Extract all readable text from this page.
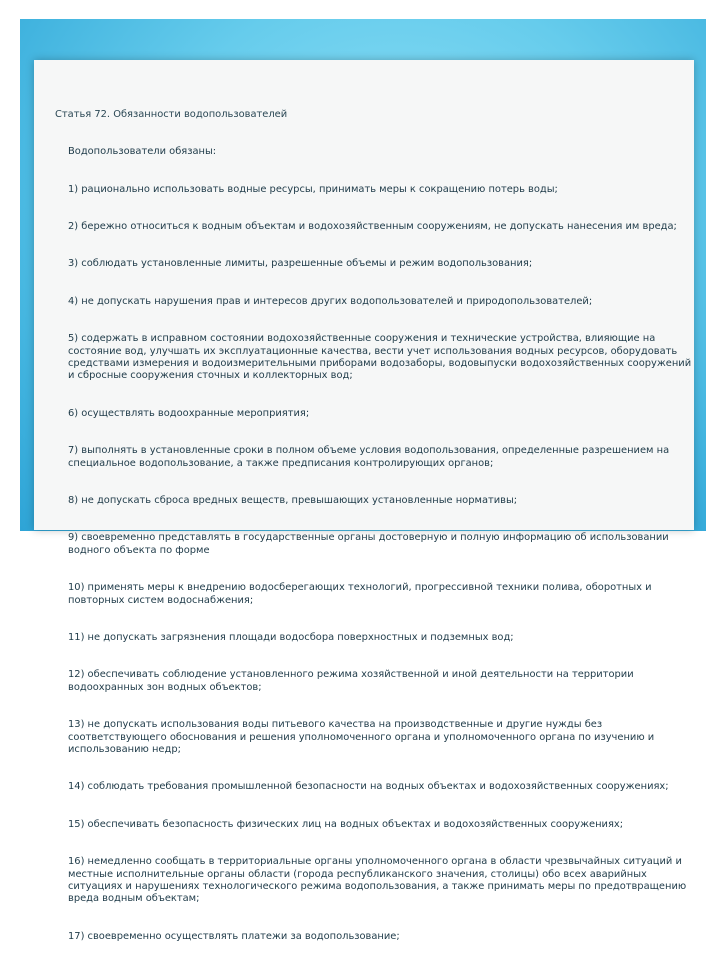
Статья 72. Обязанности водопользователей

Водопользователи обязаны:

1) рационально использовать водные ресурсы, принимать меры к сокращению потерь воды;

2) бережно относиться к водным объектам и водохозяйственным сооружениям, не допускать нанесения им вреда;

3) соблюдать установленные лимиты, разрешенные объемы и режим водопользования;

4) не допускать нарушения прав и интересов других водопользователей и природопользователей;

5) содержать в исправном состоянии водохозяйственные сооружения и технические устройства, влияющие на состояние вод, улучшать их эксплуатационные качества, вести учет использования водных ресурсов, оборудовать средствами измерения и водоизмерительными приборами водозаборы, водовыпуски водохозяйственных сооружений и сбросные сооружения сточных и коллекторных вод;

6) осуществлять водоохранные мероприятия;

7) выполнять в установленные сроки в полном объеме условия водопользования, определенные разрешением на специальное водопользование, а также предписания контролирующих органов;

8) не допускать сброса вредных веществ, превышающих установленные нормативы;

9) своевременно представлять в государственные органы достоверную и полную информацию об использовании водного объекта по форме

10) применять меры к внедрению водосберегающих технологий, прогрессивной техники полива, оборотных и повторных систем водоснабжения;

11) не допускать загрязнения площади водосбора поверхностных и подземных вод;

12) обеспечивать соблюдение установленного режима хозяйственной и иной деятельности на территории водоохранных зон водных объектов;

13) не допускать использования воды питьевого качества на производственные и другие нужды без соответствующего обоснования и решения уполномоченного органа и уполномоченного органа по изучению и использованию недр;

14) соблюдать требования промышленной безопасности на водных объектах и водохозяйственных сооружениях;

15) обеспечивать безопасность физических лиц на водных объектах и водохозяйственных сооружениях;

16) немедленно сообщать в территориальные органы уполномоченного органа в области чрезвычайных ситуаций и местные исполнительные органы области (города республиканского значения, столицы) обо всех аварийных ситуациях и нарушениях технологического режима водопользования, а также принимать меры по предотвращению вреда водным объектам;

17) своевременно осуществлять платежи за водопользование;
